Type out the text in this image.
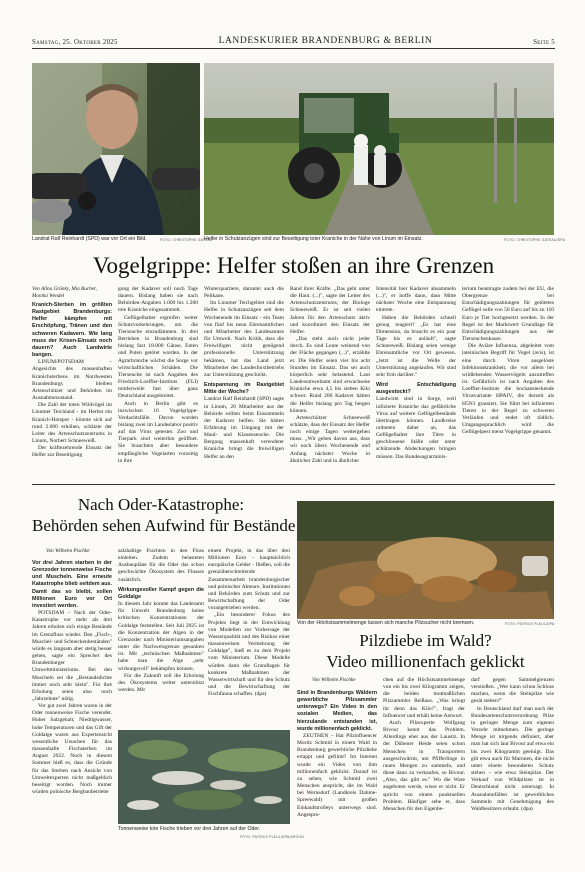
Samstag, 25. Oktober 2025	LANDESKURIER BRANDENBURG & BERLIN	Seite 5
Landrat Ralf Reinhardt (SPD) war vor Ort ein Bild.	FOTO: CHRISTOPHE GATEAU
Helfer in Schutzanzügen sind zur Beseitigung toter Kraniche in der Nähe von Linum im Einsatz.	FOTO: CHRISTOPHE GATEAU/DPA
Vogelgrippe: Helfer stoßen an ihre Grenzen
Von Alina Grünky, Mia Bucher, Monika Wendel

Kranich-Sterben im größten Rastgebiet Brandenburgs: Helfer kämpfen mit Erschöpfung, Tränen und den schweren Kadavern. Wie lang muss der Krisen-Einsatz noch dauern? Auch Landwirte bangen.

LINUM/POTSDAM – Angesichts des massenhaften Kranichsterbens im Nordwesten Brandenburgs bleiben Artenschützer und Behörden im Ausnahmezustand.

Die Zahl der toten Wildvögel im Linumer Teichland - im Herbst ein Kranich-Hotspot - könnte sich auf rund 2.000 erhöhen, schätzte der Leiter des Artenschutzzentrums in Linum, Norbert Schneeweiß.

Der kräftezehrende Einsatz der Helfer zur Beseitigung

gung der Kadaver soll noch Tage dauern. Bislang haben sie nach Behörden-Angaben 1.000 bis 1.200 tote Kraniche eingesammelt.

Geflügelhalter ergreifen weiter Schutzvorkehrungen, um die Tierseuche einzudämmen. In drei Betrieben in Brandenburg sind bislang fast 18.000 Gänse, Enten und Puten getötet worden. In der Agrarbranche wächst die Sorge vor wirtschaftlichen Schäden. Die Tierseuche ist nach Angaben des Friedrich-Loeffler-Instituts (FLI) mittlerweile fast über ganz Deutschland ausgebreitet.

Auch in Berlin gibt es inzwischen 16 Vogelgrippe-Verdachtsfälle. Davon wurden bislang zwei im Landeslabor positiv auf das Virus getestet. Zoo und Tierpark sind weiterhin geöffnet. Sie brauchten aber besondere empfängliche Vogelarten vorzeitig in ihre

Winterquartiere, darunter auch die Pelikane.

Im Linumer Teichgebiet sind die Helfer in Schutzanzügen seit dem Wochenende im Einsatz - ein Team von fünf bis neun Ehrenamtlichen und Mitarbeiter des Landesamtes für Umwelt. Nach Kritik, dass die Freiwilligen nicht genügend professionelle Unterstützung bekämen, hat das Land jetzt Mitarbeiter des Landesforstbetriebs zur Unterstützung geschickt.

Entspannung im Rastgebiet Mitte der Woche?

Landrat Ralf Reinhardt (SPD) sagte in Linum, 20 Mitarbeiter aus der Behörde sollten beim Einsammeln der Kadaver helfen. Sie hätten Erfahrung im Umgang mit der Maul- und Klauenseuche. Die Bergung massenhaft verendeter Kraniche bringt die freiwilligen Helfer an den

Rand ihrer Kräfte. „Das geht unter die Haut. (...)", sagte der Leiter des Artenschutzzentrums, der Biologe Schneeweiß. Er ist seit vielen Jahren für den Artenschutz aktiv und koordiniert den Einsatz der Helfer.

„Das steht auch nicht jeder durch. Es sind Leute weinend von der Fläche gegangen (...)", erzählte er. Die Helfer seien vier bis acht Stunden im Einsatz. Das sei auch körperlich sehr belastend. Laut Landesumweltamt sind erwachsene Kraniche etwa 4,5 bis sieben Kilo schwer. Rund 200 Kadaver hätten die Helfer bislang pro Tag bergen können.

Artenschützer Schneeweiß schätzte, dass der Einsatz der Helfer noch einige Tagen weitergehen muss. „Wir gehen davon aus, dass wir noch übers Wochenende und Anfang nächster Woche in ähnlicher Zahl und in ähnlicher

Intensität hier Kadaver absammeln (...)", er hoffe dann, dass Mitte nächster Woche eine Entspannung eintrete.

Haben die Behörden schnell genug reagiert? „Es hat eine Dimension, da braucht es ein paar Tage bis es anläuft", sagte Schneeweiß. Bislang seien wenige Ehrenamtliche vor Ort gewesen. „Jetzt ist die Welle der Unterstützung angelaufen. Wir sind sehr froh darüber."

Wird Entschädigung ausgestockt?

Landwirte sind in Sorge, weil infizierte Kraniche das gefährliche Virus auf weitere Geflügelbestände übertragen können. Landkreise ordneten daher an, das Geflügelhalter ihre Tiere in geschlossene Ställe oder unter schützende Abdeckungen bringen müssen. Das Bundesagrarminis-

terium beantragte zudem bei der EU, die Obergrenze bei Entschädigungszahlungen für getötetes Geflügel solle von 50 Euro auf bis zu 110 Euro je Tier hochgesetzt werden. In der Regel ist der Marktwert Grundlage für Entschädigungszahlungen aus der Tierseuchenkasse.

Die Aviäre Influenza, abgeleitet vom lateinischen Begriff für Vogel (avis), ist eine durch Viren ausgelöste Infektionskrankheit, die vor allem bei wildlebenden Wasservögeln anzutreffen ist. Gefährlich ist nach Angaben des Loeffler-Instituts die hochansteckende Virusvariante HPAIV, die derzeit als H5N1 grassiert. Sie führt bei infizierten Tieren in der Regel zu schweren Verläufen und endet oft tödlich. Umgangssprachlich wird die Geflügelpest meist Vogelgrippe genannt.

Nach Oder-Katastrophe:
Behörden sehen Aufwind für Bestände
Von Wilhelm Pischke

Vor drei Jahren starben in der Grenzoder tonnenweise Fische und Muscheln. Eine erneute Katastrophe blieb seitdem aus. Damit das so bleibt, sollen Millionen Euro vor Ort investiert werden.

POTSDAM – Nach der Oder-Katastrophe vor mehr als drei Jahren erholen sich einige Bestände im Grenzfluss wieder. Den „Fisch-, Muschel- und Schneckenbeständen" würde es langsam aber stetig besser gehen, sagte ein Sprecher des Brandenburger Umweltministeriums. Bei den Muscheln sei die „Bestandsdichte immer noch sehr klein". Für ihre Erholung seien also noch „Jahrzehnte" nötig.

Vor gut zwei Jahren waren in der Oder tonnenweise Fische verendet. Hoher Salzgehalt, Niedrigwasser, hohe Temperaturen und das Gift der Goldalge waren aus Expertensicht wesentliche Ursachen für das massenhafte Fischsterben im August 2022. Noch in diesem Sommer hieß es, dass die Gründe für das Sterben nach Ansicht von Umweltexperten nicht maßgeblich beseitigt worden. Noch immer würden polnische Bergbaubetriebe

salzhaltige Frachten in den Fluss einleiten. Zudem belasteten Ausbaupläne für die Oder das schon geschwächte Ökosystem des Flusses zusätzlich.

Wirkungsvoller Kampf gegen die Goldalge

In diesem Jahr konnte das Landesamt für Umwelt Brandenburg keine kritischen Konzentrationen der Goldalge feststellen. Seit Juli 2025 ist die Konzentration der Algen in der Grenzoder nach Ministeriumsangaben unter die Nachweisgrenze gesunken ist. Mit „technischen Maßnahmen" habe man die Alge „sehr wirkungsvoll" bekämpfen können.

Für die Zukunft soll die Erholung des Ökosystems weiter unterstützt werden. Mit

einem Projekt, in das über drei Millionen Euro - hauptsächlich europäische Gelder - fließen, soll die grenzüberschreitende Zusammenarbeit brandenburgischer und polnischer Akteure, Institutionen und Behörden zum Schutz und zur Bewirtschaftung der Oder vorangetrieben werden.

„Ein besonderer Fokus des Projekts liegt in der Entwicklung von Modellen zur Vorhersage der Wasserqualität und des Risikos einer massenweisen Vermehrung der Goldalge", hieß es zu dem Projekt vom Ministerium. Diese Modelle würden dann die Grundlagen für konkrete Maßnahmen der Wasserwirtschaft und für den Schutz und die Bewirtschaftung der Fischfauna schaffen. (dpa)

Tonnenweise tote Fische trieben vor drei Jahren auf der Oder.
FOTO: PATRICK PLEUL/DPA/ARCHIV
Von der Höchstsammelmenge lassen sich manche Pilzsucher nicht bremsen.	FOTO: PATRICK PLEUL/DPA
Pilzdiebe im Wald?
Video millionenfach geklickt
Von Wilhelm Pischke

Sind in Brandenburgs Wäldern gewerbliche Pilzsammler unterwegs? Ein Video in den sozialen Medien, das hierzulande entstanden ist, wurde millionenfach geklickt.

ZEUTHEN – Hat Pilzinfluencer Moritz Schmid in einem Wald in Brandenburg gewerbliche Pilzdiebe ertappt und gefilmt? Im Internet wurde ein Video von ihm millionenfach geklickt. Darauf ist zu sehen, wie Schmid zwei Menschen anspricht, die im Wald bei Wernsdorf (Landkreis Dahme-Spreewald) mit großen Einkaufstrolleys unterwegs sind. Angespro-

chen auf die Höchstsammelmenge von ein bis zwei Kilogramm zeigen, die beiden mutmaßlichen Pilzsammler Reißaus. „Was kriegt ihr denn das Kilo?", fragt der Influencer und erhält keine Antwort.

Auch Pilzexperte Wolfgang Bivour kennt das Problem. Allerdings eher aus der Lausitz. In der Dübener Heide seien schon Menschen in Transportern ausgeschwärmt, um Pfifferlinge in rauen Mengen zu sammeln, und diese dann zu verkaufen, so Bivour. „Also, das gibt es." Wo die Ware angeboten werde, wisse er nicht. Er spricht von einem punktuellen Problem. Häufiger sehe er, dass Menschen für den Eigenbe-

darf gegen Sammelgrenzen verstießen. „Wer kann schon Schluss machen, wenn die Steinpilze wie gesät stehen?"

In Deutschland darf man nach der Bundesartenschutzverordnung Pilze in geringer Menge zum eigenen Verzehr mitnehmen. Die geringe Menge ist nirgends definiert, aber man hat sich laut Bivour auf etwa ein bis zwei Kilogramm geeinigt. Das gilt etwa auch für Maronen, die nicht unter einem besonderen Schutz stehen – wie etwa Steinpilze. Der Verkauf von Wildpilzen ist in Deutschland nicht untersagt. In Ausnahmefällen ist gewerbliches Sammeln mit Genehmigung des Waldbesitzers erlaubt. (dpa)
